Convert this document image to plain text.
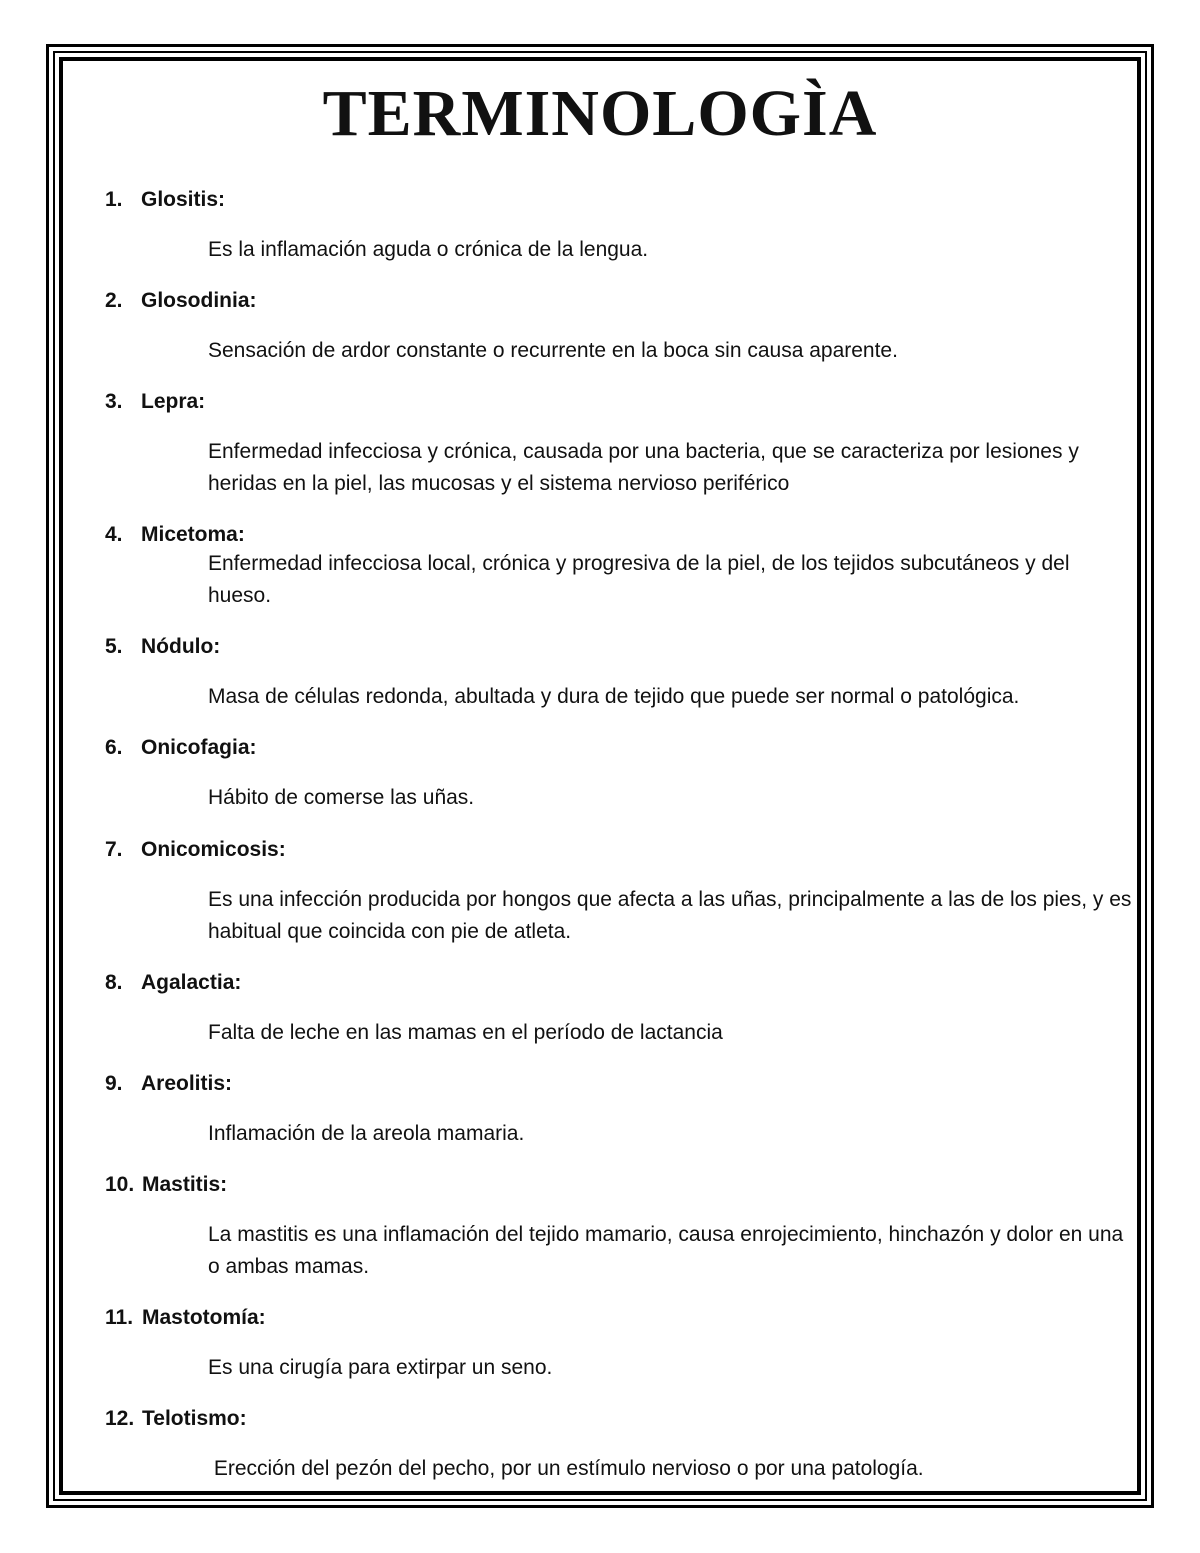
TERMINOLOGÌA
1. Glositis:
Es la inflamación aguda o crónica de la lengua.
2. Glosodinia:
Sensación de ardor constante o recurrente en la boca sin causa aparente.
3. Lepra:
Enfermedad infecciosa y crónica, causada por una bacteria, que se caracteriza por lesiones y heridas en la piel, las mucosas y el sistema nervioso periférico
4. Micetoma:
Enfermedad infecciosa local, crónica y progresiva de la piel, de los tejidos subcutáneos y del hueso.
5. Nódulo:
Masa de células redonda, abultada y dura de tejido que puede ser normal o patológica.
6. Onicofagia:
Hábito de comerse las uñas.
7. Onicomicosis:
Es una infección producida por hongos que afecta a las uñas, principalmente a las de los pies, y es habitual que coincida con pie de atleta.
8. Agalactia:
Falta de leche en las mamas en el período de lactancia
9. Areolitis:
Inflamación de la areola mamaria.
10. Mastitis:
La mastitis es una inflamación del tejido mamario, causa enrojecimiento, hinchazón y dolor en una o ambas mamas.
11. Mastotomía:
Es una cirugía para extirpar un seno.
12. Telotismo:
Erección del pezón del pecho, por un estímulo nervioso o por una patología.
